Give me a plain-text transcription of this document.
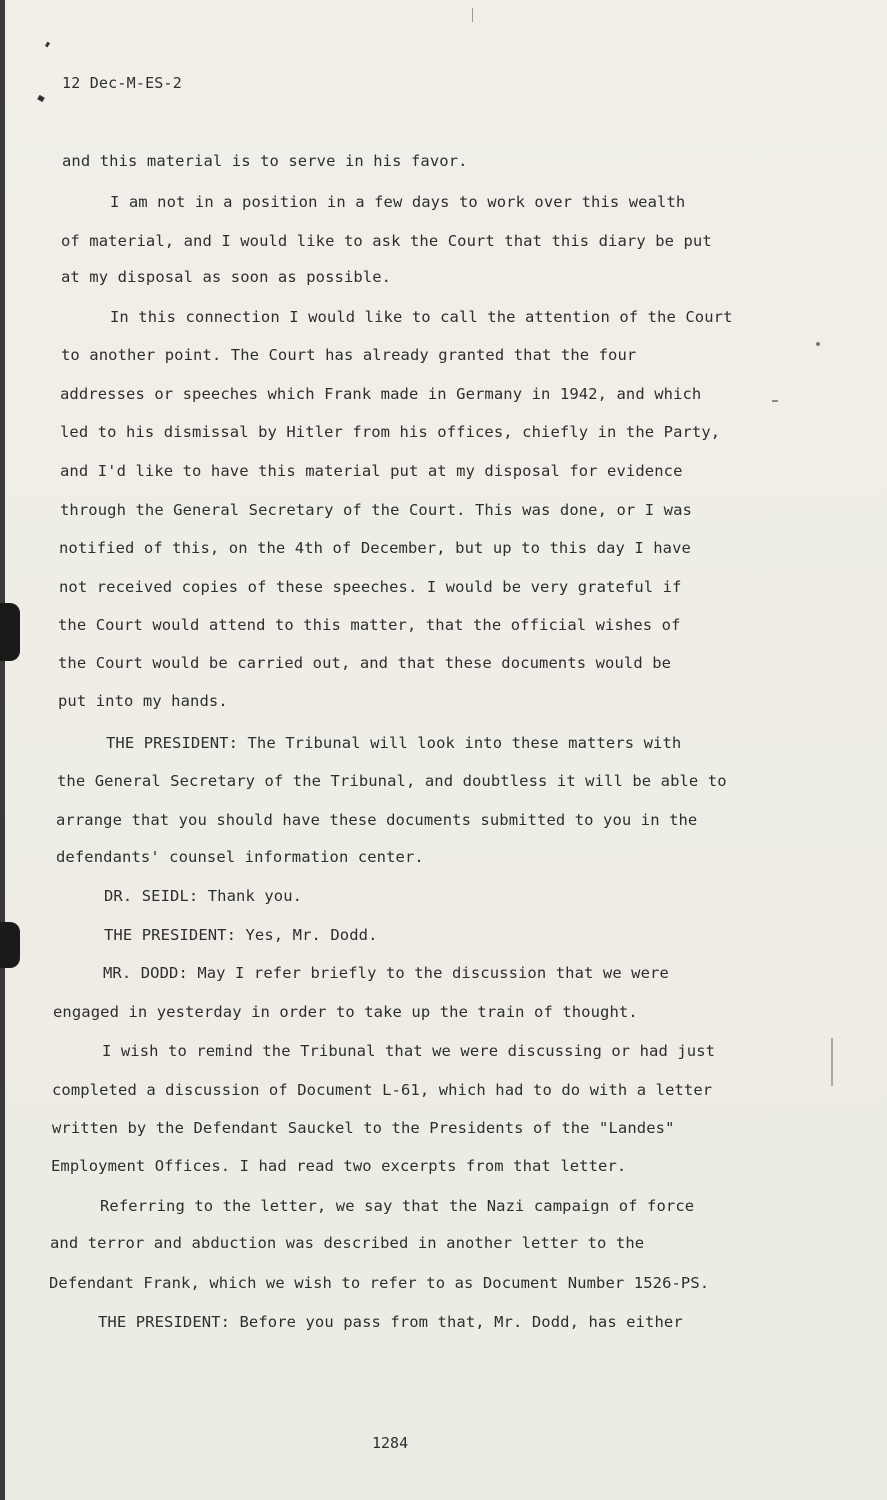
12 Dec-M-ES-2
and this material is to serve in his favor.
I am not in a position in a few days to work over this wealth
of material, and I would like to ask the Court that this diary be put
at my disposal as soon as possible.
In this connection I would like to call the attention of the Court
to another point. The Court has already granted that the four
addresses or speeches which Frank made in Germany in 1942, and which
led to his dismissal by Hitler from his offices, chiefly in the Party,
and I'd like to have this material put at my disposal for evidence
through the General Secretary of the Court. This was done, or I was
notified of this, on the 4th of December, but up to this day I have
not received copies of these speeches. I would be very grateful if
the Court would attend to this matter, that the official wishes of
the Court would be carried out, and that these documents would be
put into my hands.
THE PRESIDENT: The Tribunal will look into these matters with
the General Secretary of the Tribunal, and doubtless it will be able to
arrange that you should have these documents submitted to you in the
defendants' counsel information center.
DR. SEIDL: Thank you.
THE PRESIDENT: Yes, Mr. Dodd.
MR. DODD: May I refer briefly to the discussion that we were
engaged in yesterday in order to take up the train of thought.
I wish to remind the Tribunal that we were discussing or had just
completed a discussion of Document L-61, which had to do with a letter
written by the Defendant Sauckel to the Presidents of the "Landes"
Employment Offices. I had read two excerpts from that letter.
Referring to the letter, we say that the Nazi campaign of force
and terror and abduction was described in another letter to the
Defendant Frank, which we wish to refer to as Document Number 1526-PS.
THE PRESIDENT: Before you pass from that, Mr. Dodd, has either
1284
